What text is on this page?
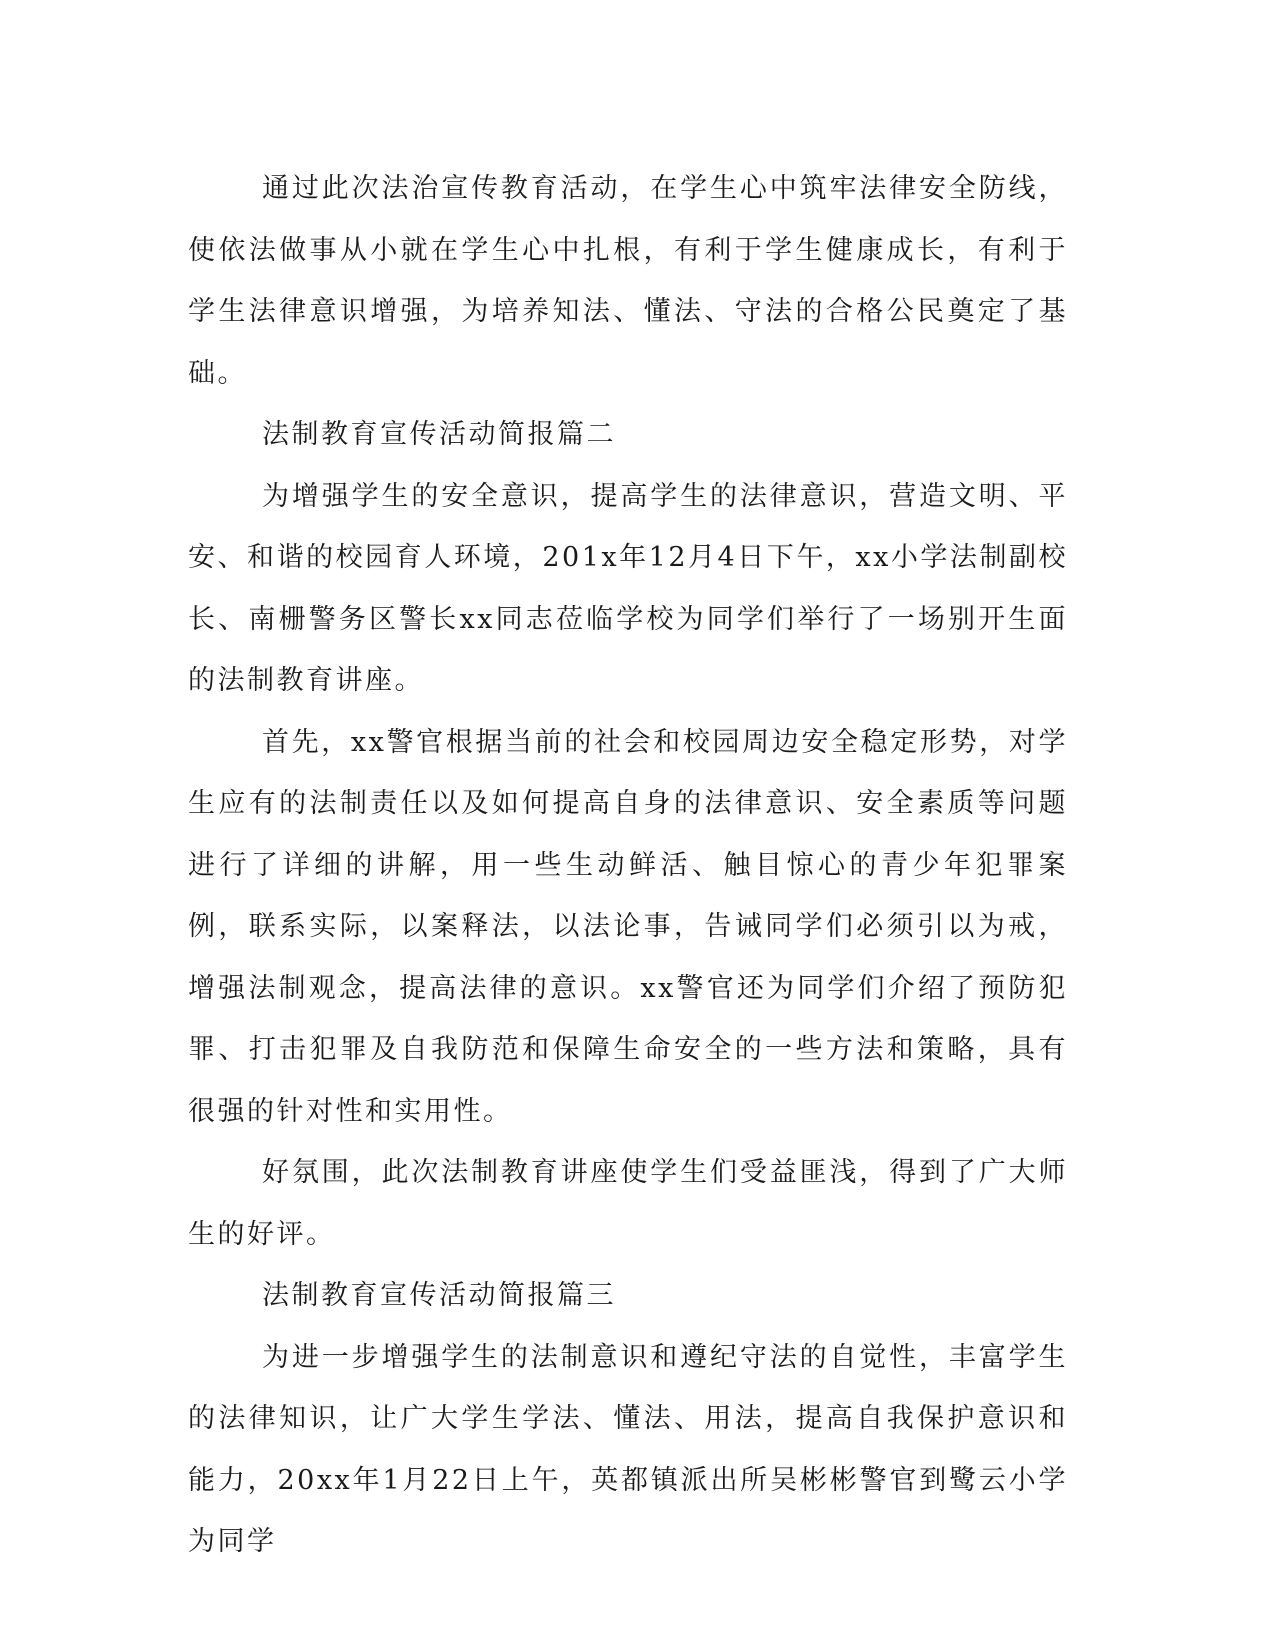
通过此次法治宣传教育活动，在学生心中筑牢法律安全防线，使依法做事从小就在学生心中扎根，有利于学生健康成长，有利于学生法律意识增强，为培养知法、懂法、守法的合格公民奠定了基础。

法制教育宣传活动简报篇二

为增强学生的安全意识，提高学生的法律意识，营造文明、平安、和谐的校园育人环境，201x年12月4日下午，xx小学法制副校长、南栅警务区警长xx同志莅临学校为同学们举行了一场别开生面的法制教育讲座。

首先，xx警官根据当前的社会和校园周边安全稳定形势，对学生应有的法制责任以及如何提高自身的法律意识、安全素质等问题进行了详细的讲解，用一些生动鲜活、触目惊心的青少年犯罪案例，联系实际，以案释法，以法论事，告诫同学们必须引以为戒，增强法制观念，提高法律的意识。xx警官还为同学们介绍了预防犯罪、打击犯罪及自我防范和保障生命安全的一些方法和策略，具有很强的针对性和实用性。

好氛围，此次法制教育讲座使学生们受益匪浅，得到了广大师生的好评。

法制教育宣传活动简报篇三

为进一步增强学生的法制意识和遵纪守法的自觉性，丰富学生的法律知识，让广大学生学法、懂法、用法，提高自我保护意识和能力，20xx年1月22日上午，英都镇派出所吴彬彬警官到鹭云小学为同学
